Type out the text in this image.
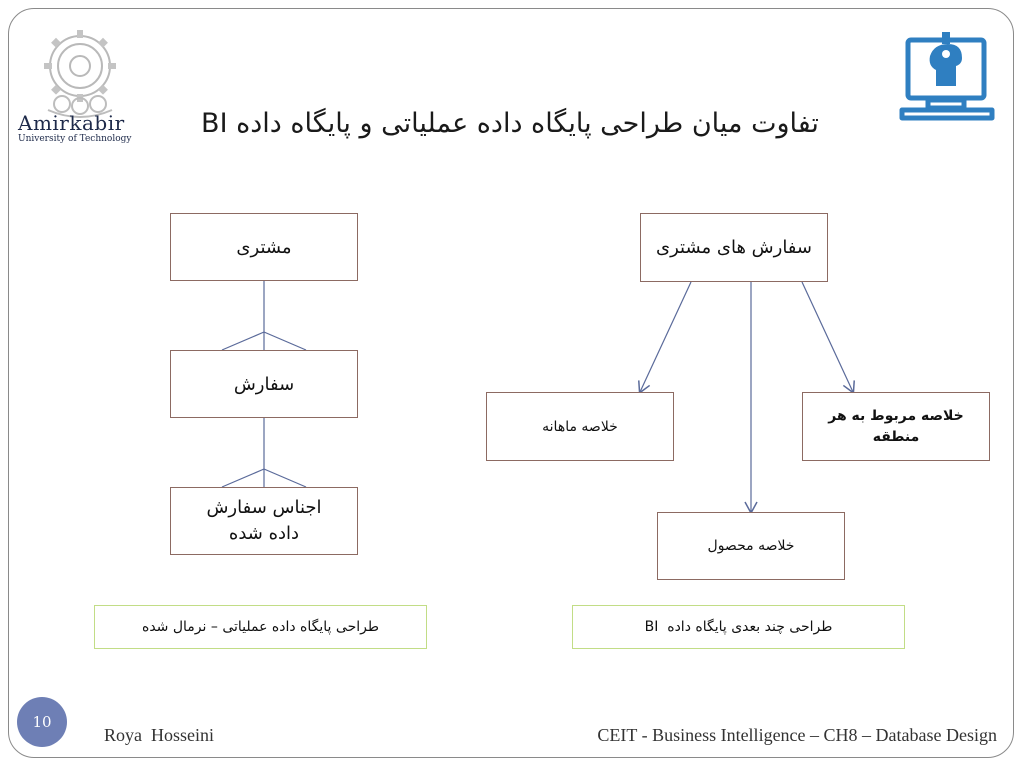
Amirkabir
University of Technology	تفاوت میان طراحی پایگاه داده عملیاتی و پایگاه داده BI
مشتری
سفارش
اجناس سفارش داده شده
سفارش های مشتری
خلاصه ماهانه
خلاصه مربوط به هر منطقه
خلاصه محصول
طراحی پایگاه داده عملیاتی – نرمال شده	طراحی چند بعدی پایگاه داده  BI
10
Roya  Hosseini	CEIT - Business Intelligence – CH8 – Database Design
